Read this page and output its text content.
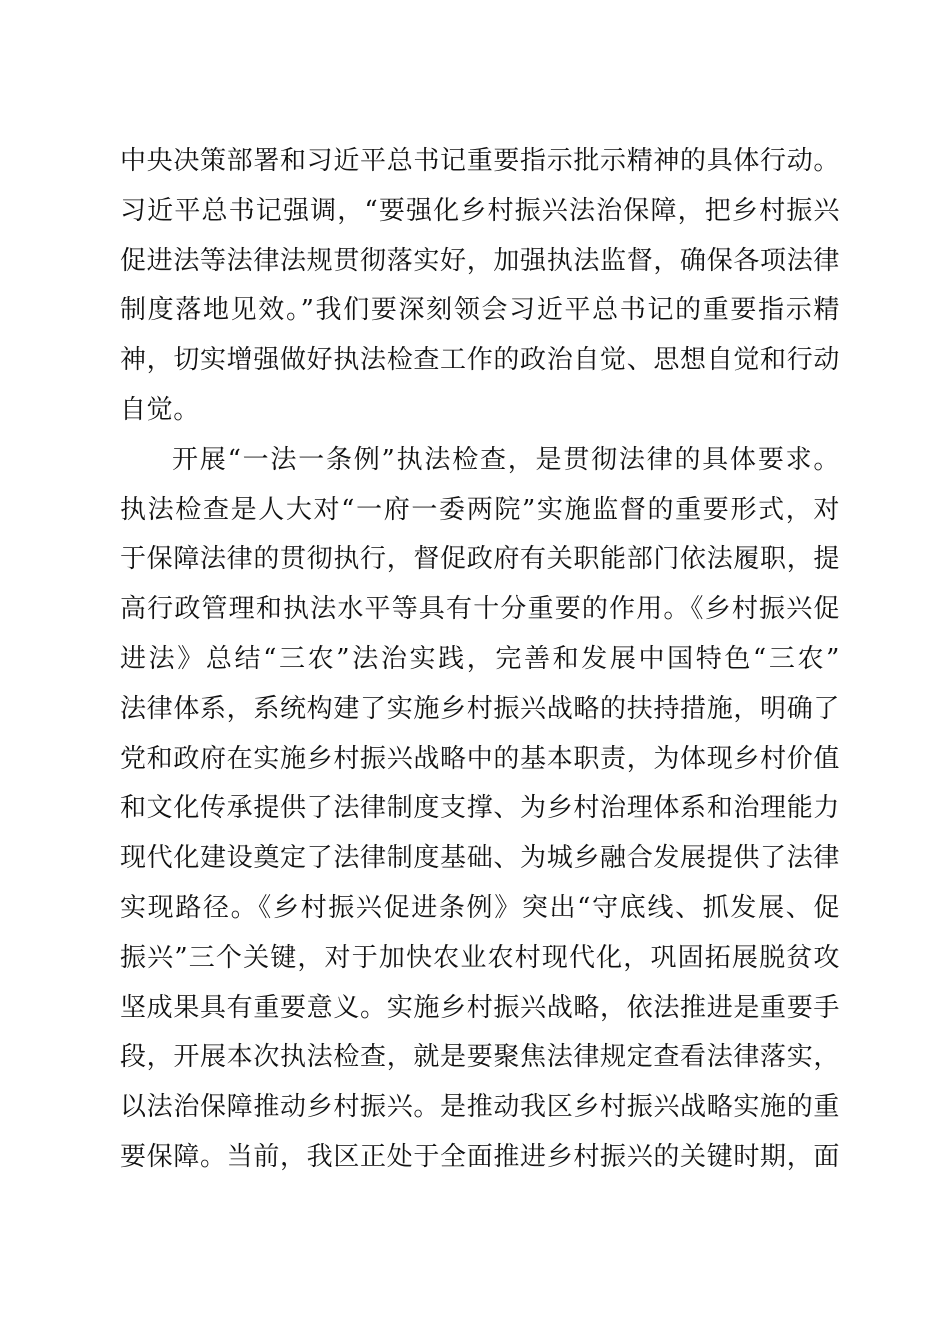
中央决策部署和习近平总书记重要指示批示精神的具体行动。
习近平总书记强调，“要强化乡村振兴法治保障，把乡村振兴
促进法等法律法规贯彻落实好，加强执法监督，确保各项法律
制度落地见效。”我们要深刻领会习近平总书记的重要指示精
神，切实增强做好执法检查工作的政治自觉、思想自觉和行动
自觉。
开展“一法一条例”执法检查，是贯彻法律的具体要求。
执法检查是人大对“一府一委两院”实施监督的重要形式，对
于保障法律的贯彻执行，督促政府有关职能部门依法履职，提
高行政管理和执法水平等具有十分重要的作用。《乡村振兴促
进法》总结“三农”法治实践，完善和发展中国特色“三农”
法律体系，系统构建了实施乡村振兴战略的扶持措施，明确了
党和政府在实施乡村振兴战略中的基本职责，为体现乡村价值
和文化传承提供了法律制度支撑、为乡村治理体系和治理能力
现代化建设奠定了法律制度基础、为城乡融合发展提供了法律
实现路径。《乡村振兴促进条例》突出“守底线、抓发展、促
振兴”三个关键，对于加快农业农村现代化，巩固拓展脱贫攻
坚成果具有重要意义。实施乡村振兴战略，依法推进是重要手
段，开展本次执法检查，就是要聚焦法律规定查看法律落实，
以法治保障推动乡村振兴。是推动我区乡村振兴战略实施的重
要保障。当前，我区正处于全面推进乡村振兴的关键时期，面
